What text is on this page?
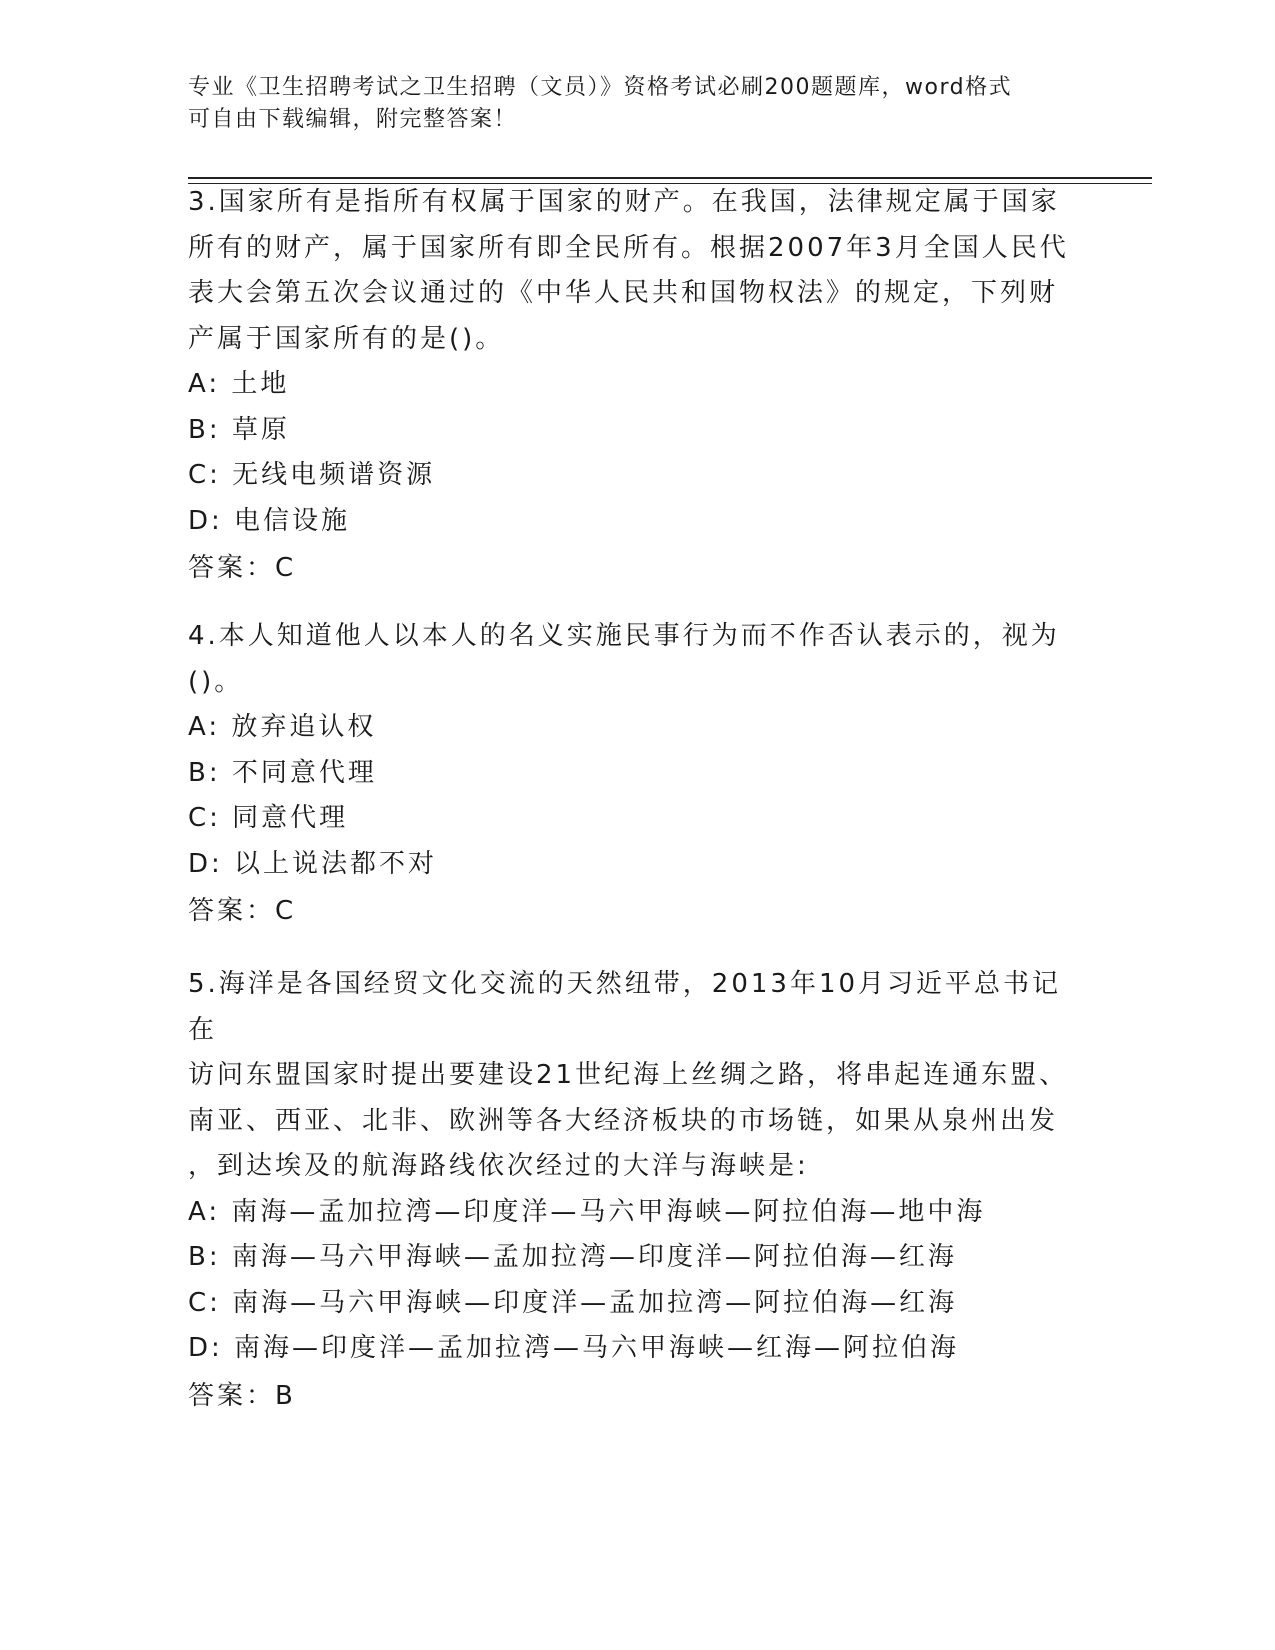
专业《卫生招聘考试之卫生招聘（文员）》资格考试必刷200题题库，word格式
可自由下载编辑，附完整答案！
3.国家所有是指所有权属于国家的财产。在我国，法律规定属于国家
所有的财产，属于国家所有即全民所有。根据2007年3月全国人民代
表大会第五次会议通过的《中华人民共和国物权法》的规定，下列财
产属于国家所有的是()。
A: 土地
B: 草原
C: 无线电频谱资源
D: 电信设施
答案：C
4.本人知道他人以本人的名义实施民事行为而不作否认表示的，视为
()。
A: 放弃追认权
B: 不同意代理
C: 同意代理
D: 以上说法都不对
答案：C
5.海洋是各国经贸文化交流的天然纽带，2013年10月习近平总书记在
访问东盟国家时提出要建设21世纪海上丝绸之路，将串起连通东盟、
南亚、西亚、北非、欧洲等各大经济板块的市场链，如果从泉州出发
，到达埃及的航海路线依次经过的大洋与海峡是:
A: 南海—孟加拉湾—印度洋—马六甲海峡—阿拉伯海—地中海
B: 南海—马六甲海峡—孟加拉湾—印度洋—阿拉伯海—红海
C: 南海—马六甲海峡—印度洋—孟加拉湾—阿拉伯海—红海
D: 南海—印度洋—孟加拉湾—马六甲海峡—红海—阿拉伯海
答案：B
